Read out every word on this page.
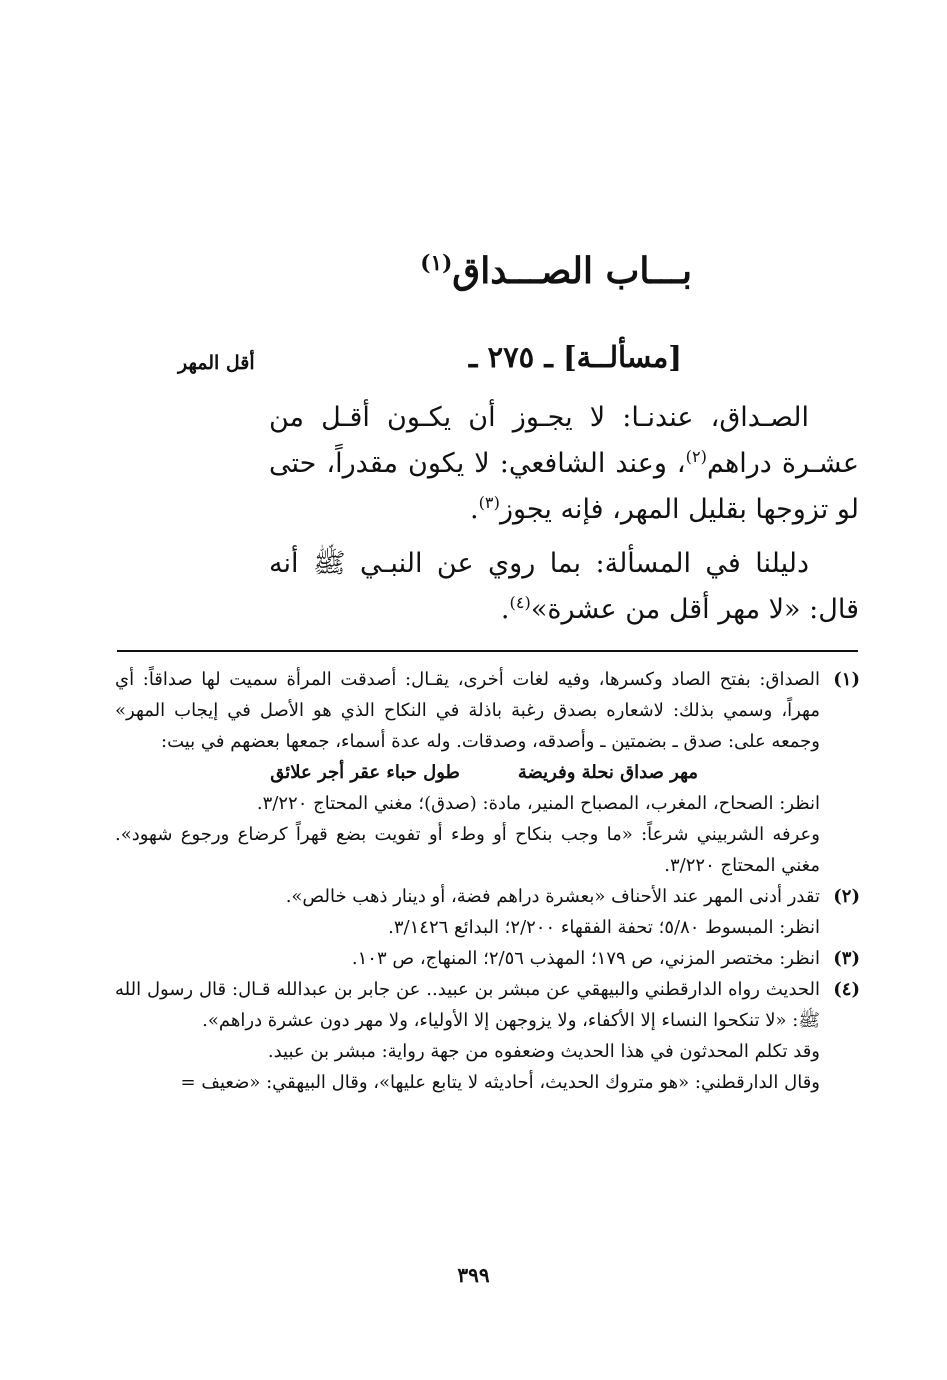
بـــاب الصـــداق$^{(١)}$
[مسألــة] ـ ٢٧٥ ـ
أقل المهر

الصـداق، عندنـا: لا يجـوز أن يكـون أقـل من عشـرة دراهم$^{(٢)}$، وعند الشافعي: لا يكون مقدراً، حتى لو تزوجها بقليل المهر، فإنه يجوز$^{(٣)}$.

دليلنا في المسألة: بما روي عن النبـي ﷺ أنه قال: «لا مهر أقل من عشرة»$^{(٤)}$.

(١)

الصداق: بفتح الصاد وكسرها، وفيه لغات أخرى، يقـال: أصدقت المرأة سميت لها صداقاً: أي مهراً، وسمي بذلك: لاشعاره بصدق رغبة باذلة في النكاح الذي هو الأصل في إيجاب المهر» وجمعه على: صدق ـ بضمتين ـ وأصدقه، وصدقات. وله عدة أسماء، جمعها بعضهم في بيت:

مهر صداق نحلة وفريضة
طول حباء عقر أجر علائق

انظر: الصحاح، المغرب، المصباح المنير، مادة: (صدق)؛ مغني المحتاج ٣/٢٢٠.

وعرفه الشربيني شرعاً: «ما وجب بنكاح أو وطء أو تفويت بضع قهراً كرضاع ورجوع شهود». مغني المحتاج ٣/٢٢٠.

(٢)

تقدر أدنى المهر عند الأحناف «بعشرة دراهم فضة، أو دينار ذهب خالص».

انظر: المبسوط ٥/٨٠؛ تحفة الفقهاء ٢/٢٠٠؛ البدائع ٣/١٤٢٦.

(٣)

انظر: مختصر المزني، ص ١٧٩؛ المهذب ٢/٥٦؛ المنهاج، ص ١٠٣.

(٤)

الحديث رواه الدارقطني والبيهقي عن مبشر بن عبيد.. عن جابر بن عبدالله قـال: قال رسول الله ﷺ: «لا تنكحوا النساء إلا الأكفاء، ولا يزوجهن إلا الأولياء، ولا مهر دون عشرة دراهم».

وقد تكلم المحدثون في هذا الحديث وضعفوه من جهة رواية: مبشر بن عبيد.

وقال الدارقطني: «هو متروك الحديث، أحاديثه لا يتابع عليها»، وقال البيهقي: «ضعيف =

٣٩٩
